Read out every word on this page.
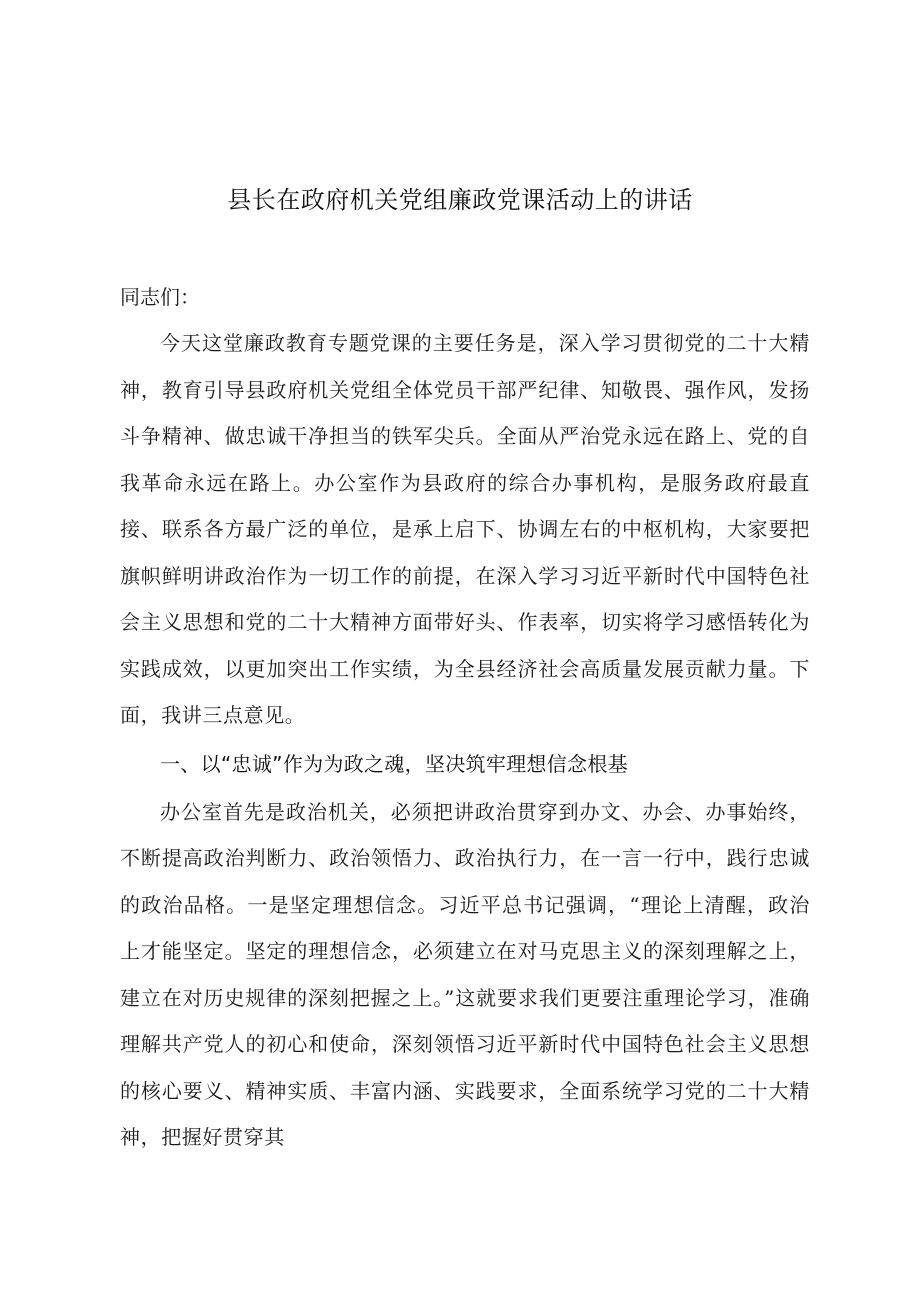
县长在政府机关党组廉政党课活动上的讲话

同志们：

今天这堂廉政教育专题党课的主要任务是，深入学习贯彻党的二十大精神，教育引导县政府机关党组全体党员干部严纪律、知敬畏、强作风，发扬斗争精神、做忠诚干净担当的铁军尖兵。全面从严治党永远在路上、党的自我革命永远在路上。办公室作为县政府的综合办事机构，是服务政府最直接、联系各方最广泛的单位，是承上启下、协调左右的中枢机构，大家要把旗帜鲜明讲政治作为一切工作的前提，在深入学习习近平新时代中国特色社会主义思想和党的二十大精神方面带好头、作表率，切实将学习感悟转化为实践成效，以更加突出工作实绩，为全县经济社会高质量发展贡献力量。下面，我讲三点意见。

一、以“忠诚”作为为政之魂，坚决筑牢理想信念根基

办公室首先是政治机关，必须把讲政治贯穿到办文、办会、办事始终，不断提高政治判断力、政治领悟力、政治执行力，在一言一行中，践行忠诚的政治品格。一是坚定理想信念。习近平总书记强调，“理论上清醒，政治上才能坚定。坚定的理想信念，必须建立在对马克思主义的深刻理解之上，建立在对历史规律的深刻把握之上。”这就要求我们更要注重理论学习，准确理解共产党人的初心和使命，深刻领悟习近平新时代中国特色社会主义思想的核心要义、精神实质、丰富内涵、实践要求，全面系统学习党的二十大精神，把握好贯穿其
